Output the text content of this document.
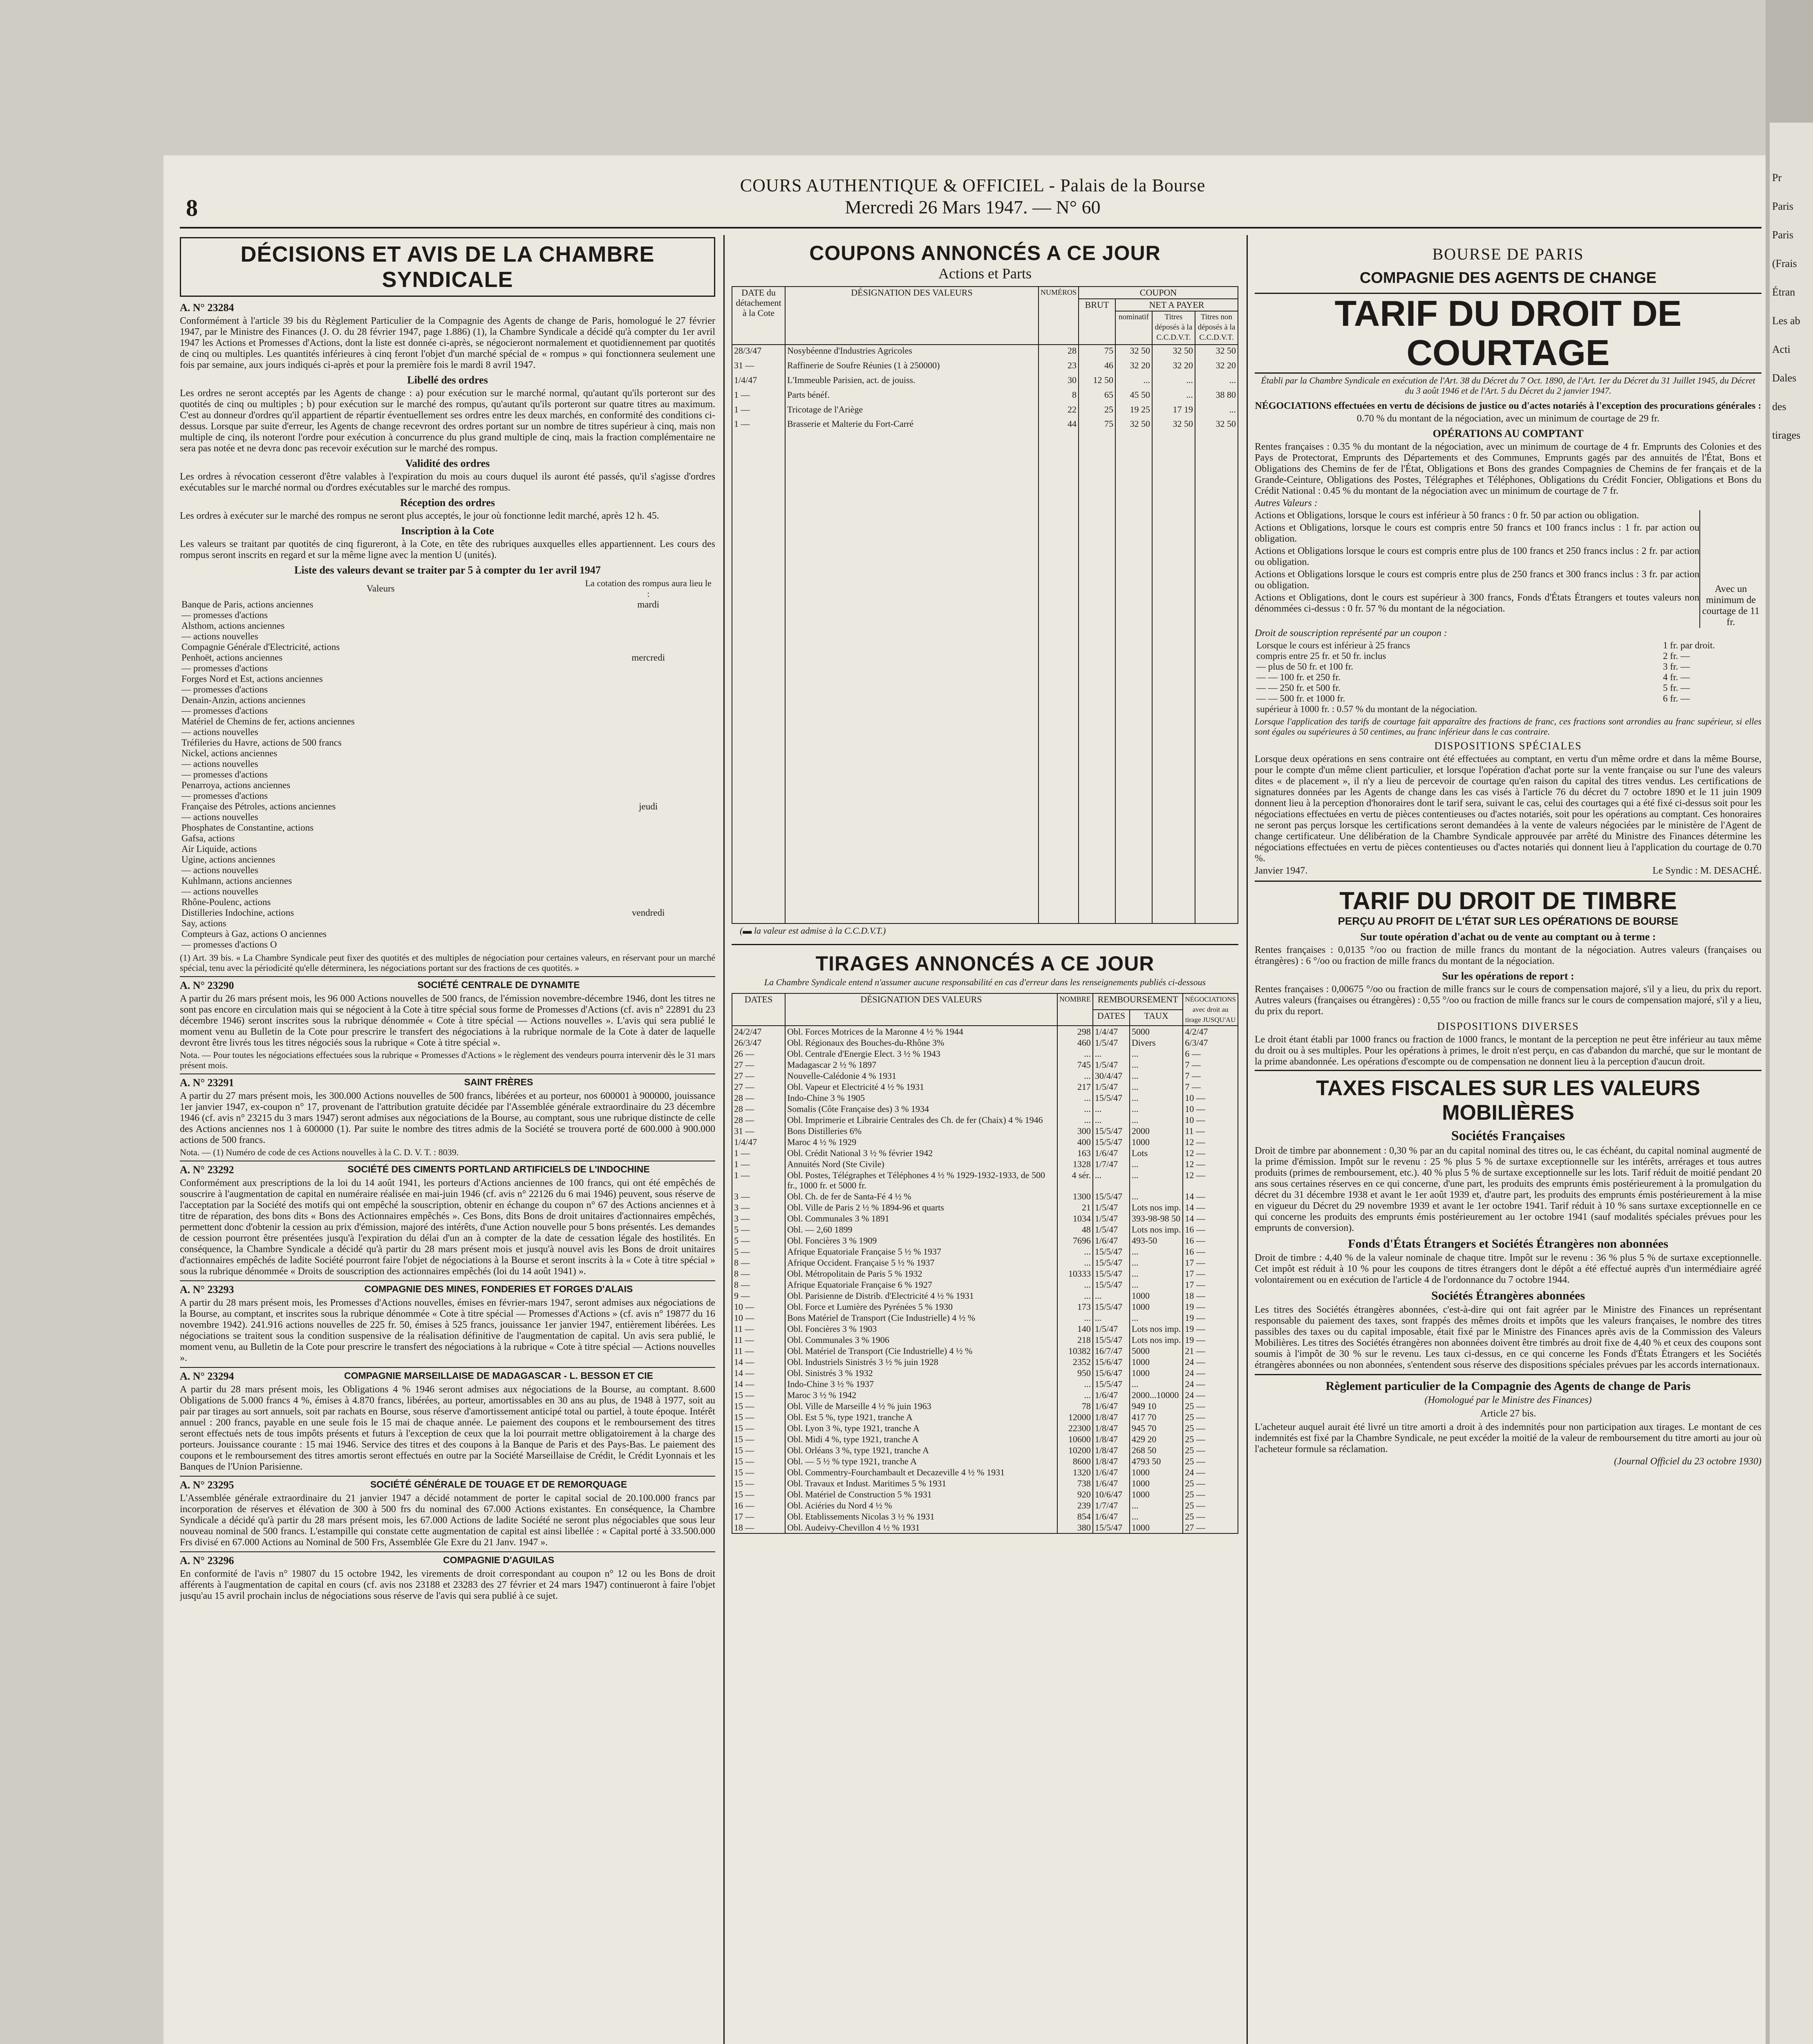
Pr
Paris
Paris
(Frais
Étran
Les ab
Acti
Dales
des
tirages
8
COURS AUTHENTIQUE & OFFICIEL - Palais de la Bourse
Mercredi 26 Mars 1947. — N° 60
DÉCISIONS ET AVIS DE LA CHAMBRE SYNDICALE
A. N° 23284

Conformément à l'article 39 bis du Règlement Particulier de la Compagnie des Agents de change de Paris, homologué le 27 février 1947, par le Ministre des Finances (J. O. du 28 février 1947, page 1.886) (1), la Chambre Syndicale a décidé qu'à compter du 1er avril 1947 les Actions et Promesses d'Actions, dont la liste est donnée ci-après, se négocieront normalement et quotidiennement par quotités de cinq ou multiples. Les quantités inférieures à cinq feront l'objet d'un marché spécial de « rompus » qui fonctionnera seulement une fois par semaine, aux jours indiqués ci-après et pour la première fois le mardi 8 avril 1947.

Libellé des ordres

Les ordres ne seront acceptés par les Agents de change : a) pour exécution sur le marché normal, qu'autant qu'ils porteront sur des quotités de cinq ou multiples ; b) pour exécution sur le marché des rompus, qu'autant qu'ils porteront sur quatre titres au maximum. C'est au donneur d'ordres qu'il appartient de répartir éventuellement ses ordres entre les deux marchés, en conformité des conditions ci-dessus. Lorsque par suite d'erreur, les Agents de change recevront des ordres portant sur un nombre de titres supérieur à cinq, mais non multiple de cinq, ils noteront l'ordre pour exécution à concurrence du plus grand multiple de cinq, mais la fraction complémentaire ne sera pas notée et ne devra donc pas recevoir exécution sur le marché des rompus.

Validité des ordres

Les ordres à révocation cesseront d'être valables à l'expiration du mois au cours duquel ils auront été passés, qu'il s'agisse d'ordres exécutables sur le marché normal ou d'ordres exécutables sur le marché des rompus.

Réception des ordres

Les ordres à exécuter sur le marché des rompus ne seront plus acceptés, le jour où fonctionne ledit marché, après 12 h. 45.

Inscription à la Cote

Les valeurs se traitant par quotités de cinq figureront, à la Cote, en tête des rubriques auxquelles elles appartiennent. Les cours des rompus seront inscrits en regard et sur la même ligne avec la mention U (unités).

Liste des valeurs devant se traiter par 5 à compter du 1er avril 1947
Valeurs	La cotation des rompus aura lieu le :
Banque de Paris, actions anciennes	mardi
— promesses d'actions	
Alsthom, actions anciennes	
— actions nouvelles	
Compagnie Générale d'Electricité, actions	
Penhoët, actions anciennes	mercredi
— promesses d'actions	
Forges Nord et Est, actions anciennes	
— promesses d'actions	
Denain-Anzin, actions anciennes	
— promesses d'actions	
Matériel de Chemins de fer, actions anciennes	
— actions nouvelles	
Tréfileries du Havre, actions de 500 francs	
Nickel, actions anciennes	
— actions nouvelles	
— promesses d'actions	
Penarroya, actions anciennes	
— promesses d'actions	
Française des Pétroles, actions anciennes	jeudi
— actions nouvelles	
Phosphates de Constantine, actions	
Gafsa, actions	
Air Liquide, actions	
Ugine, actions anciennes	
— actions nouvelles	
Kuhlmann, actions anciennes	
— actions nouvelles	
Rhône-Poulenc, actions	
Distilleries Indochine, actions	vendredi
Say, actions	
Compteurs à Gaz, actions O anciennes	
— promesses d'actions O	

(1) Art. 39 bis. « La Chambre Syndicale peut fixer des quotités et des multiples de négociation pour certaines valeurs, en réservant pour un marché spécial, tenu avec la périodicité qu'elle déterminera, les négociations portant sur des fractions de ces quotités. »

A. N° 23290	SOCIÉTÉ CENTRALE DE DYNAMITE

A partir du 26 mars présent mois, les 96 000 Actions nouvelles de 500 francs, de l'émission novembre-décembre 1946, dont les titres ne sont pas encore en circulation mais qui se négocient à la Cote à titre spécial sous forme de Promesses d'Actions (cf. avis n° 22891 du 23 décembre 1946) seront inscrites sous la rubrique dénommée « Cote à titre spécial — Actions nouvelles ». L'avis qui sera publié le moment venu au Bulletin de la Cote pour prescrire le transfert des négociations à la rubrique normale de la Cote à dater de laquelle devront être livrés tous les titres négociés sous la rubrique « Cote à titre spécial ».

Nota. — Pour toutes les négociations effectuées sous la rubrique « Promesses d'Actions » le règlement des vendeurs pourra intervenir dès le 31 mars présent mois.

A. N° 23291	SAINT FRÈRES

A partir du 27 mars présent mois, les 300.000 Actions nouvelles de 500 francs, libérées et au porteur, nos 600001 à 900000, jouissance 1er janvier 1947, ex-coupon n° 17, provenant de l'attribution gratuite décidée par l'Assemblée générale extraordinaire du 23 décembre 1946 (cf. avis n° 23215 du 3 mars 1947) seront admises aux négociations de la Bourse, au comptant, sous une rubrique distincte de celle des Actions anciennes nos 1 à 600000 (1). Par suite le nombre des titres admis de la Société se trouvera porté de 600.000 à 900.000 actions de 500 francs.

Nota. — (1) Numéro de code de ces Actions nouvelles à la C. D. V. T. : 8039.

A. N° 23292	SOCIÉTÉ DES CIMENTS PORTLAND ARTIFICIELS DE L'INDOCHINE

Conformément aux prescriptions de la loi du 14 août 1941, les porteurs d'Actions anciennes de 100 francs, qui ont été empêchés de souscrire à l'augmentation de capital en numéraire réalisée en mai-juin 1946 (cf. avis n° 22126 du 6 mai 1946) peuvent, sous réserve de l'acceptation par la Société des motifs qui ont empêché la souscription, obtenir en échange du coupon n° 67 des Actions anciennes et à titre de réparation, des bons dits « Bons des Actionnaires empêchés ». Ces Bons, dits Bons de droit unitaires d'actionnaires empêchés, permettent donc d'obtenir la cession au prix d'émission, majoré des intérêts, d'une Action nouvelle pour 5 bons présentés. Les demandes de cession pourront être présentées jusqu'à l'expiration du délai d'un an à compter de la date de cessation légale des hostilités. En conséquence, la Chambre Syndicale a décidé qu'à partir du 28 mars présent mois et jusqu'à nouvel avis les Bons de droit unitaires d'actionnaires empêchés de ladite Société pourront faire l'objet de négociations à la Bourse et seront inscrits à la « Cote à titre spécial » sous la rubrique dénommée « Droits de souscription des actionnaires empêchés (loi du 14 août 1941) ».

A. N° 23293	COMPAGNIE DES MINES, FONDERIES ET FORGES D'ALAIS

A partir du 28 mars présent mois, les Promesses d'Actions nouvelles, émises en février-mars 1947, seront admises aux négociations de la Bourse, au comptant, et inscrites sous la rubrique dénommée « Cote à titre spécial — Promesses d'Actions » (cf. avis n° 19877 du 16 novembre 1942). 241.916 actions nouvelles de 225 fr. 50, émises à 525 francs, jouissance 1er janvier 1947, entièrement libérées. Les négociations se traitent sous la condition suspensive de la réalisation définitive de l'augmentation de capital. Un avis sera publié, le moment venu, au Bulletin de la Cote pour prescrire le transfert des négociations à la rubrique « Cote à titre spécial — Actions nouvelles ».

A. N° 23294	COMPAGNIE MARSEILLAISE DE MADAGASCAR - L. BESSON ET CIE

A partir du 28 mars présent mois, les Obligations 4 % 1946 seront admises aux négociations de la Bourse, au comptant. 8.600 Obligations de 5.000 francs 4 %, émises à 4.870 francs, libérées, au porteur, amortissables en 30 ans au plus, de 1948 à 1977, soit au pair par tirages au sort annuels, soit par rachats en Bourse, sous réserve d'amortissement anticipé total ou partiel, à toute époque. Intérêt annuel : 200 francs, payable en une seule fois le 15 mai de chaque année. Le paiement des coupons et le remboursement des titres seront effectués nets de tous impôts présents et futurs à l'exception de ceux que la loi pourrait mettre obligatoirement à la charge des porteurs. Jouissance courante : 15 mai 1946. Service des titres et des coupons à la Banque de Paris et des Pays-Bas. Le paiement des coupons et le remboursement des titres amortis seront effectués en outre par la Société Marseillaise de Crédit, le Crédit Lyonnais et les Banques de l'Union Parisienne.

A. N° 23295	SOCIÉTÉ GÉNÉRALE DE TOUAGE ET DE REMORQUAGE

L'Assemblée générale extraordinaire du 21 janvier 1947 a décidé notamment de porter le capital social de 20.100.000 francs par incorporation de réserves et élévation de 300 à 500 frs du nominal des 67.000 Actions existantes. En conséquence, la Chambre Syndicale a décidé qu'à partir du 28 mars présent mois, les 67.000 Actions de ladite Société ne seront plus négociables que sous leur nouveau nominal de 500 francs. L'estampille qui constate cette augmentation de capital est ainsi libellée : « Capital porté à 33.500.000 Frs divisé en 67.000 Actions au Nominal de 500 Frs, Assemblée Gle Exre du 21 Janv. 1947 ».

A. N° 23296	COMPAGNIE D'AGUILAS

En conformité de l'avis n° 19807 du 15 octobre 1942, les virements de droit correspondant au coupon n° 12 ou les Bons de droit afférents à l'augmentation de capital en cours (cf. avis nos 23188 et 23283 des 27 février et 24 mars 1947) continueront à faire l'objet jusqu'au 15 avril prochain inclus de négociations sous réserve de l'avis qui sera publié à ce sujet.

COUPONS ANNONCÉS A CE JOUR
Actions et Parts
DATE du détachement à la Cote	DÉSIGNATION DES VALEURS	NUMÉROS	COUPON			
			BRUT	NET A PAYER		
				nominatif	Titres déposés à la C.C.D.V.T.	Titres non déposés à la C.C.D.V.T.
28/3/47	Nosybéenne d'Industries Agricoles	28	75	32 50	32 50	32 50
31 —	Raffinerie de Soufre Réunies (1 à 250000)	23	46	32 20	32 20	32 20
1/4/47	L'Immeuble Parisien, act. de jouiss.	30	12 50	...	...	...
1 —	Parts bénéf.	8	65	45 50	...	38 80
1 —	Tricotage de l'Ariège	22	25	19 25	17 19	...
1 —	Brasserie et Malterie du Fort-Carré	44	75	32 50	32 50	32 50

(▬ la valeur est admise à la C.C.D.V.T.)
TIRAGES ANNONCÉS A CE JOUR
La Chambre Syndicale entend n'assumer aucune responsabilité en cas d'erreur dans les renseignements publiés ci-dessous
DATES	DÉSIGNATION DES VALEURS	NOMBRE	REMBOURSEMENT		NÉGOCIATIONS avec droit au tirage JUSQU'AU
			DATES	TAUX	
24/2/47	Obl. Forces Motrices de la Maronne 4 ½ % 1944	298	1/4/47	5000	4/2/47
26/3/47	Obl. Régionaux des Bouches-du-Rhône 3%	460	1/5/47	Divers	6/3/47
26 —	Obl. Centrale d'Energie Elect. 3 ½ % 1943	...	...	...	6 —
27 —	Madagascar 2 ½ % 1897	745	1/5/47	...	7 —
27 —	Nouvelle-Calédonie 4 % 1931	...	30/4/47	...	7 —
27 —	Obl. Vapeur et Electricité 4 ½ % 1931	217	1/5/47	...	7 —
28 —	Indo-Chine 3 % 1905	...	15/5/47	...	10 —
28 —	Somalis (Côte Française des) 3 % 1934	...	...	...	10 —
28 —	Obl. Imprimerie et Librairie Centrales des Ch. de fer (Chaix) 4 % 1946	...	...	...	10 —
31 —	Bons Distilleries 6%	300	15/5/47	2000	11 —
1/4/47	Maroc 4 ½ % 1929	400	15/5/47	1000	12 —
1 —	Obl. Crédit National 3 ½ % février 1942	163	1/6/47	Lots	12 —
1 —	Annuités Nord (Ste Civile)	1328	1/7/47	...	12 —
1 —	Obl. Postes, Télégraphes et Téléphones 4 ½ % 1929-1932-1933, de 500 fr., 1000 fr. et 5000 fr.	4 sér.	...	...	12 —
3 —	Obl. Ch. de fer de Santa-Fé 4 ½ %	1300	15/5/47	...	14 —
3 —	Obl. Ville de Paris 2 ½ % 1894-96 et quarts	21	1/5/47	Lots nos imp.	14 —
3 —	Obl. Communales 3 % 1891	1034	1/5/47	393-98-98 50	14 —
5 —	Obl. — 2,60 1899	48	1/5/47	Lots nos imp.	16 —
5 —	Obl. Foncières 3 % 1909	7696	1/6/47	493-50	16 —
5 —	Afrique Equatoriale Française 5 ½ % 1937	...	15/5/47	...	16 —
8 —	Afrique Occident. Française 5 ½ % 1937	...	15/5/47	...	17 —
8 —	Obl. Métropolitain de Paris 5 % 1932	10333	15/5/47	...	17 —
8 —	Afrique Equatoriale Française 6 % 1927	...	15/5/47	...	17 —
9 —	Obl. Parisienne de Distrib. d'Electricité 4 ½ % 1931	...	...	1000	18 —
10 —	Obl. Force et Lumière des Pyrénées 5 % 1930	173	15/5/47	1000	19 —
10 —	Bons Matériel de Transport (Cie Industrielle) 4 ½ %	...	...	...	19 —
11 —	Obl. Foncières 3 % 1903	140	1/5/47	Lots nos imp.	19 —
11 —	Obl. Communales 3 % 1906	218	15/5/47	Lots nos imp.	19 —
11 —	Obl. Matériel de Transport (Cie Industrielle) 4 ½ %	10382	16/7/47	5000	21 —
14 —	Obl. Industriels Sinistrés 3 ½ % juin 1928	2352	15/6/47	1000	24 —
14 —	Obl. Sinistrés 3 % 1932	950	15/6/47	1000	24 —
14 —	Indo-Chine 3 ½ % 1937	...	15/5/47	...	24 —
15 —	Maroc 3 ½ % 1942	...	1/6/47	2000...10000	24 —
15 —	Obl. Ville de Marseille 4 ½ % juin 1963	78	1/6/47	949 10	25 —
15 —	Obl. Est 5 %, type 1921, tranche A	12000	1/8/47	417 70	25 —
15 —	Obl. Lyon 3 %, type 1921, tranche A	22300	1/8/47	945 70	25 —
15 —	Obl. Midi 4 %, type 1921, tranche A	10600	1/8/47	429 20	25 —
15 —	Obl. Orléans 3 %, type 1921, tranche A	10200	1/8/47	268 50	25 —
15 —	Obl. — 5 ½ % type 1921, tranche A	8600	1/8/47	4793 50	25 —
15 —	Obl. Commentry-Fourchambault et Decazeville 4 ½ % 1931	1320	1/6/47	1000	24 —
15 —	Obl. Travaux et Indust. Maritimes 5 % 1931	738	1/6/47	1000	25 —
15 —	Obl. Matériel de Construction 5 % 1931	920	10/6/47	1000	25 —
16 —	Obl. Aciéries du Nord 4 ½ %	239	1/7/47	...	25 —
17 —	Obl. Etablissements Nicolas 3 ½ % 1931	854	1/6/47	...	25 —
18 —	Obl. Audeivy-Chevillon 4 ½ % 1931	380	15/5/47	1000	27 —
BOURSE DE PARIS
COMPAGNIE DES AGENTS DE CHANGE
TARIF DU DROIT DE COURTAGE
Établi par la Chambre Syndicale en exécution de l'Art. 38 du Décret du 7 Oct. 1890, de l'Art. 1er du Décret du 31 Juillet 1945, du Décret du 3 août 1946 et de l'Art. 5 du Décret du 2 janvier 1947.
NÉGOCIATIONS effectuées en vertu de décisions de justice ou d'actes notariés à l'exception des procurations générales :

0.70 % du montant de la négociation, avec un minimum de courtage de 29 fr.

OPÉRATIONS AU COMPTANT

Rentes françaises : 0.35 % du montant de la négociation, avec un minimum de courtage de 4 fr. Emprunts des Colonies et des Pays de Protectorat, Emprunts des Départements et des Communes, Emprunts gagés par des annuités de l'État, Bons et Obligations des Chemins de fer de l'État, Obligations et Bons des grandes Compagnies de Chemins de fer français et de la Grande-Ceinture, Obligations des Postes, Télégraphes et Téléphones, Obligations du Crédit Foncier, Obligations et Bons du Crédit National : 0.45 % du montant de la négociation avec un minimum de courtage de 7 fr.

Autres Valeurs :

Actions et Obligations, lorsque le cours est inférieur à 50 francs : 0 fr. 50 par action ou obligation.

Actions et Obligations, lorsque le cours est compris entre 50 francs et 100 francs inclus : 1 fr. par action ou obligation.

Actions et Obligations lorsque le cours est compris entre plus de 100 francs et 250 francs inclus : 2 fr. par action ou obligation.

Actions et Obligations lorsque le cours est compris entre plus de 250 francs et 300 francs inclus : 3 fr. par action ou obligation.

Actions et Obligations, dont le cours est supérieur à 300 francs, Fonds d'États Étrangers et toutes valeurs non dénommées ci-dessus : 0 fr. 57 % du montant de la négociation.

Avec un minimum de courtage de 11 fr.
Droit de souscription représenté par un coupon :
Lorsque le cours est inférieur à 25 francs	1 fr. par droit.
compris entre 25 fr. et 50 fr. inclus	2 fr. —
— plus de 50 fr. et 100 fr.	3 fr. —
— — 100 fr. et 250 fr.	4 fr. —
— — 250 fr. et 500 fr.	5 fr. —
— — 500 fr. et 1000 fr.	6 fr. —
supérieur à 1000 fr. : 0.57 % du montant de la négociation.	

Lorsque l'application des tarifs de courtage fait apparaître des fractions de franc, ces fractions sont arrondies au franc supérieur, si elles sont égales ou supérieures à 50 centimes, au franc inférieur dans le cas contraire.

DISPOSITIONS SPÉCIALES

Lorsque deux opérations en sens contraire ont été effectuées au comptant, en vertu d'un même ordre et dans la même Bourse, pour le compte d'un même client particulier, et lorsque l'opération d'achat porte sur la vente française ou sur l'une des valeurs dites « de placement », il n'y a lieu de percevoir de courtage qu'en raison du capital des titres vendus. Les certifications de signatures données par les Agents de change dans les cas visés à l'article 76 du décret du 7 octobre 1890 et le 11 juin 1909 donnent lieu à la perception d'honoraires dont le tarif sera, suivant le cas, celui des courtages qui a été fixé ci-dessus soit pour les négociations effectuées en vertu de pièces contentieuses ou d'actes notariés, soit pour les opérations au comptant. Ces honoraires ne seront pas perçus lorsque les certifications seront demandées à la vente de valeurs négociées par le ministère de l'Agent de change certificateur. Une délibération de la Chambre Syndicale approuvée par arrêté du Ministre des Finances détermine les négociations effectuées en vertu de pièces contentieuses ou d'actes notariés qui donnent lieu à l'application du courtage de 0.70 %.

Janvier 1947.	Le Syndic : M. DESACHÉ.
TARIF DU DROIT DE TIMBRE
PERÇU AU PROFIT DE L'ÉTAT SUR LES OPÉRATIONS DE BOURSE
Sur toute opération d'achat ou de vente au comptant ou à terme :

Rentes françaises : 0,0135 °/oo ou fraction de mille francs du montant de la négociation. Autres valeurs (françaises ou étrangères) : 6 °/oo ou fraction de mille francs du montant de la négociation.

Sur les opérations de report :

Rentes françaises : 0,00675 °/oo ou fraction de mille francs sur le cours de compensation majoré, s'il y a lieu, du prix du report. Autres valeurs (françaises ou étrangères) : 0,55 °/oo ou fraction de mille francs sur le cours de compensation majoré, s'il y a lieu, du prix du report.

DISPOSITIONS DIVERSES

Le droit étant établi par 1000 francs ou fraction de 1000 francs, le montant de la perception ne peut être inférieur au taux même du droit ou à ses multiples. Pour les opérations à primes, le droit n'est perçu, en cas d'abandon du marché, que sur le montant de la prime abandonnée. Les opérations d'escompte ou de compensation ne donnent lieu à la perception d'aucun droit.

TAXES FISCALES SUR LES VALEURS MOBILIÈRES
Sociétés Françaises

Droit de timbre par abonnement : 0,30 % par an du capital nominal des titres ou, le cas échéant, du capital nominal augmenté de la prime d'émission. Impôt sur le revenu : 25 % plus 5 % de surtaxe exceptionnelle sur les intérêts, arrérages et tous autres produits (primes de remboursement, etc.). 40 % plus 5 % de surtaxe exceptionnelle sur les lots. Tarif réduit de moitié pendant 20 ans sous certaines réserves en ce qui concerne, d'une part, les produits des emprunts émis postérieurement à la promulgation du décret du 31 décembre 1938 et avant le 1er août 1939 et, d'autre part, les produits des emprunts émis postérieurement à la mise en vigueur du Décret du 29 novembre 1939 et avant le 1er octobre 1941. Tarif réduit à 10 % sans surtaxe exceptionnelle en ce qui concerne les produits des emprunts émis postérieurement au 1er octobre 1941 (sauf modalités spéciales prévues pour les emprunts de conversion).

Fonds d'États Étrangers et Sociétés Étrangères non abonnées

Droit de timbre : 4,40 % de la valeur nominale de chaque titre. Impôt sur le revenu : 36 % plus 5 % de surtaxe exceptionnelle. Cet impôt est réduit à 10 % pour les coupons de titres étrangers dont le dépôt a été effectué auprès d'un intermédiaire agréé volontairement ou en exécution de l'article 4 de l'ordonnance du 7 octobre 1944.

Sociétés Étrangères abonnées

Les titres des Sociétés étrangères abonnées, c'est-à-dire qui ont fait agréer par le Ministre des Finances un représentant responsable du paiement des taxes, sont frappés des mêmes droits et impôts que les valeurs françaises, le nombre des titres passibles des taxes ou du capital imposable, était fixé par le Ministre des Finances après avis de la Commission des Valeurs Mobilières. Les titres des Sociétés étrangères non abonnées doivent être timbrés au droit fixe de 4,40 % et ceux des coupons sont soumis à l'impôt de 30 % sur le revenu. Les taux ci-dessus, en ce qui concerne les Fonds d'États Étrangers et les Sociétés étrangères abonnées ou non abonnées, s'entendent sous réserve des dispositions spéciales prévues par les accords internationaux.

Règlement particulier de la Compagnie des Agents de change de Paris
(Homologué par le Ministre des Finances)
Article 27 bis.

L'acheteur auquel aurait été livré un titre amorti a droit à des indemnités pour non participation aux tirages. Le montant de ces indemnités est fixé par la Chambre Syndicale, ne peut excéder la moitié de la valeur de remboursement du titre amorti au jour où l'acheteur formule sa réclamation.

(Journal Officiel du 23 octobre 1930)
